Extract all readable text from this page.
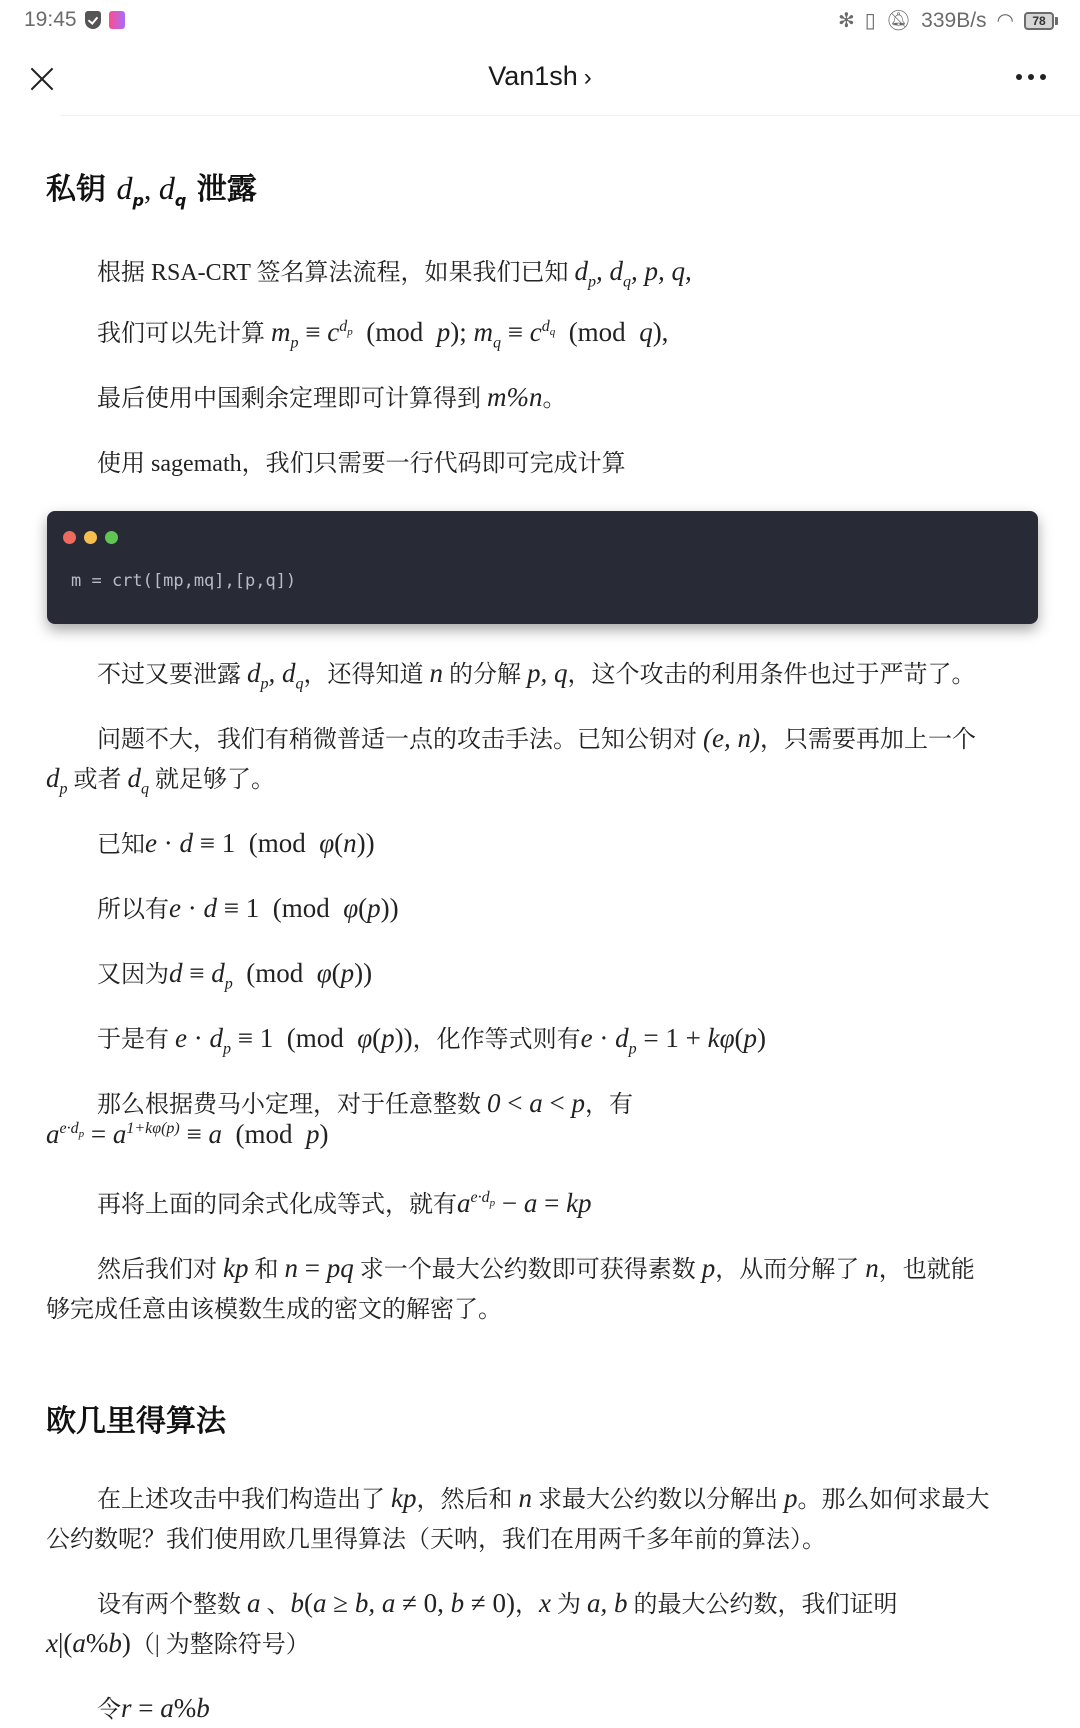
19:45	✻ ▯ 🔕︎ 339B/s ◠	78
Van1sh ›
私钥 $d_p$, $d_q$ 泄露
根据 RSA-CRT 签名算法流程，如果我们已知 $d_p$, $d_q$, p, q,
我们可以先计算 $m_p \equiv c^{d_p}$  (mod  p); $m_q \equiv c^{d_q}$  (mod  q),
最后使用中国剩余定理即可计算得到 m%n。
使用 sagemath，我们只需要一行代码即可完成计算
m = crt([mp,mq],[p,q])
不过又要泄露 $d_p$, $d_q$，还得知道 n 的分解 p, q，这个攻击的利用条件也过于严苛了。
问题不大，我们有稍微普适一点的攻击手法。已知公钥对 (e, n)，只需要再加上一个
$d_p$ 或者 $d_q$ 就足够了。
已知e · d ≡ 1  (mod  φ(n))
所以有e · d ≡ 1  (mod  φ(p))
又因为$d \equiv d_p$  (mod  φ(p))
于是有 $e \cdot d_p \equiv 1$  (mod  φ(p))，化作等式则有$e \cdot d_p = 1 + k\varphi(p)$
那么根据费马小定理，对于任意整数 0 < a < p，有
$a^{e\cdot d_p} = a^{1+k\varphi(p)} \equiv a$  (mod  p)
再将上面的同余式化成等式，就有$a^{e\cdot d_p} - a$ = kp
然后我们对 kp 和 n = pq 求一个最大公约数即可获得素数 p，从而分解了 n，也就能
够完成任意由该模数生成的密文的解密了。
欧几里得算法
在上述攻击中我们构造出了 kp，然后和 n 求最大公约数以分解出 p。那么如何求最大
公约数呢？我们使用欧几里得算法（天呐，我们在用两千多年前的算法）。
设有两个整数 a 、b(a ≥ b, a ≠ 0, b ≠ 0)，x 为 a, b 的最大公约数，我们证明
x|(a%b)（| 为整除符号）
令r = a%b
